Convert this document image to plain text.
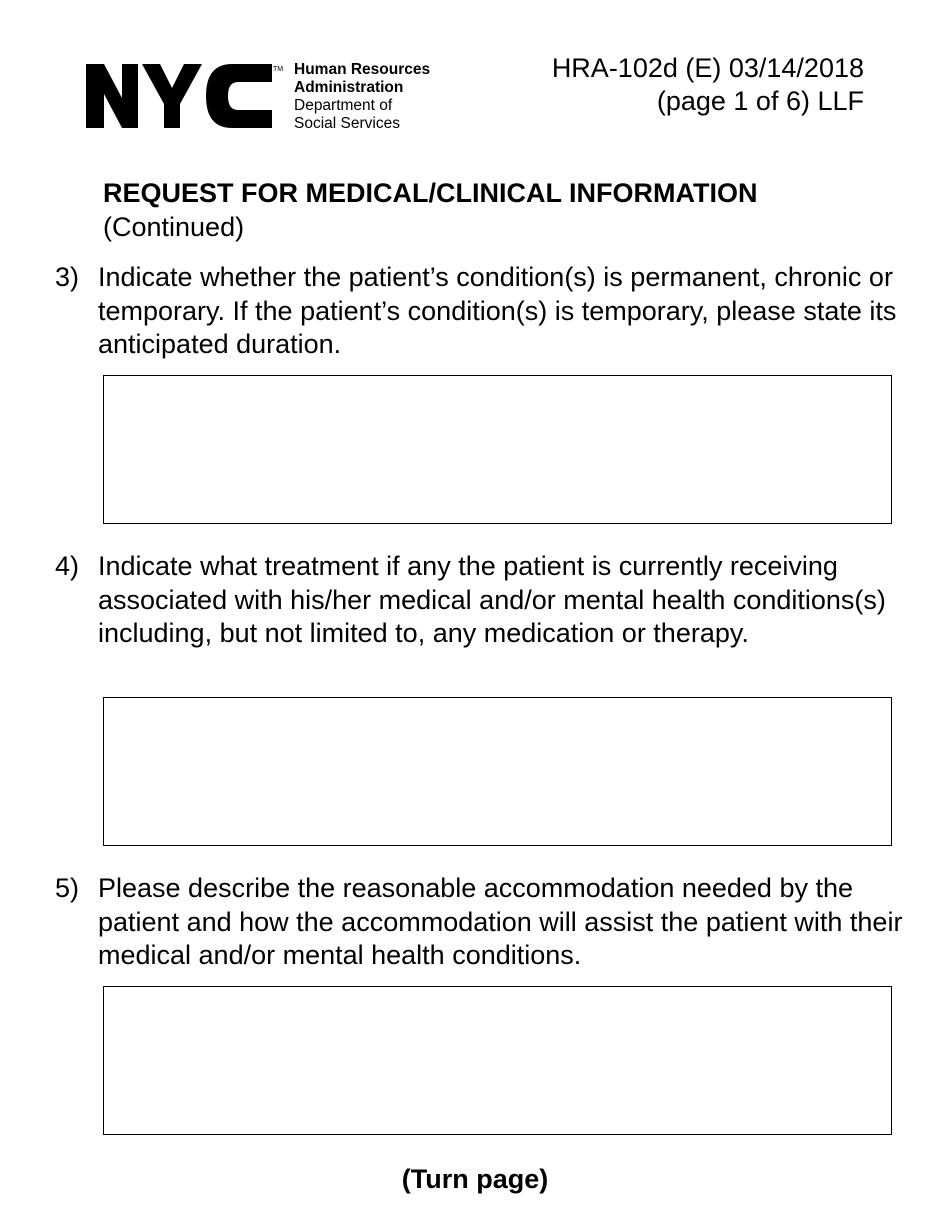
TM Human Resources
Administration
Department of
Social Services
HRA-102d (E) 03/14/2018
(page 1 of 6) LLF
REQUEST FOR MEDICAL/CLINICAL INFORMATION
(Continued)
3) Indicate whether the patient’s condition(s) is permanent, chronic or temporary. If the patient’s condition(s) is temporary, please state its anticipated duration.
4) Indicate what treatment if any the patient is currently receiving associated with his/her medical and/or mental health conditions(s) including, but not limited to, any medication or therapy.
5) Please describe the reasonable accommodation needed by the patient and how the accommodation will assist the patient with their medical and/or mental health conditions.
(Turn page)
